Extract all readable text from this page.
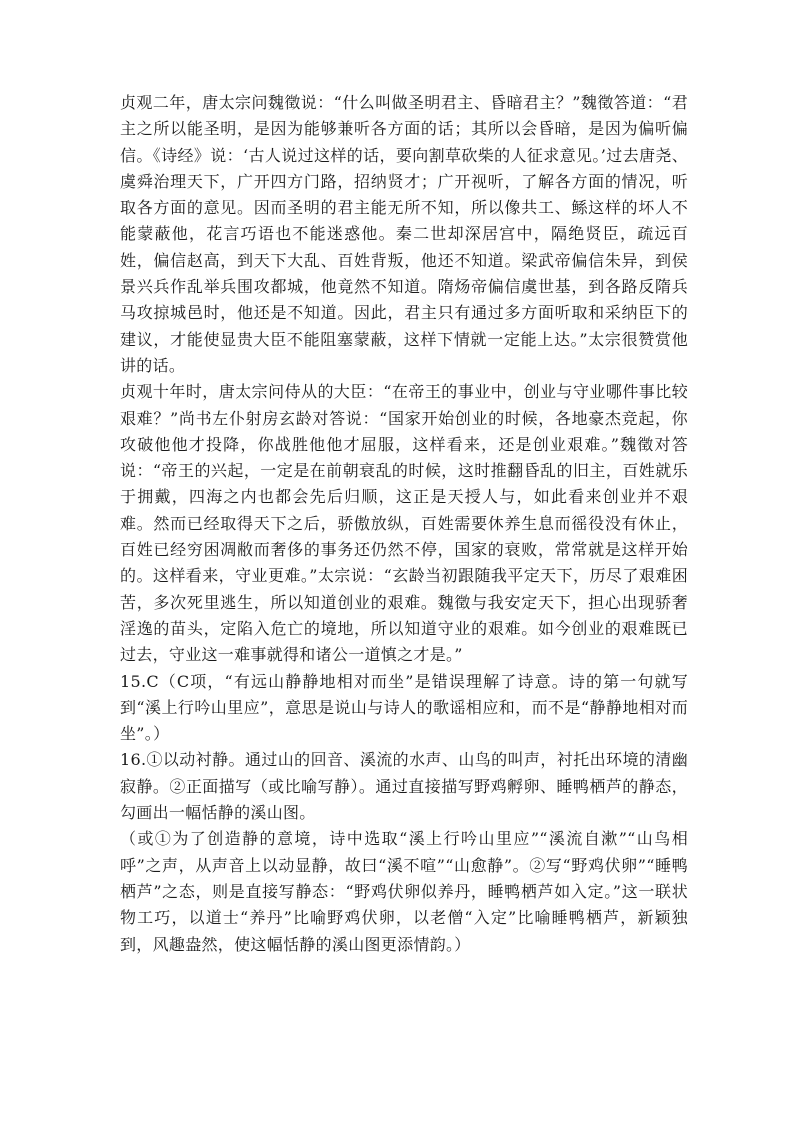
贞观二年，唐太宗问魏徵说：“什么叫做圣明君主、昏暗君主？”魏徵答道：“君主之所以能圣明，是因为能够兼听各方面的话；其所以会昏暗，是因为偏听偏信。《诗经》说：‘古人说过这样的话，要向割草砍柴的人征求意见。’过去唐尧、虞舜治理天下，广开四方门路，招纳贤才；广开视听，了解各方面的情况，听取各方面的意见。因而圣明的君主能无所不知，所以像共工、鲧这样的坏人不能蒙蔽他，花言巧语也不能迷惑他。秦二世却深居宫中，隔绝贤臣，疏远百姓，偏信赵高，到天下大乱、百姓背叛，他还不知道。梁武帝偏信朱异，到侯景兴兵作乱举兵围攻都城，他竟然不知道。隋炀帝偏信虞世基，到各路反隋兵马攻掠城邑时，他还是不知道。因此，君主只有通过多方面听取和采纳臣下的建议，才能使显贵大臣不能阻塞蒙蔽，这样下情就一定能上达。”太宗很赞赏他讲的话。

贞观十年时，唐太宗问侍从的大臣：“在帝王的事业中，创业与守业哪件事比较艰难？”尚书左仆射房玄龄对答说：“国家开始创业的时候，各地豪杰竞起，你攻破他他才投降，你战胜他他才屈服，这样看来，还是创业艰难。”魏徵对答说：“帝王的兴起，一定是在前朝衰乱的时候，这时推翻昏乱的旧主，百姓就乐于拥戴，四海之内也都会先后归顺，这正是天授人与，如此看来创业并不艰难。然而已经取得天下之后，骄傲放纵，百姓需要休养生息而徭役没有休止，百姓已经穷困凋敝而奢侈的事务还仍然不停，国家的衰败，常常就是这样开始的。这样看来，守业更难。”太宗说：“玄龄当初跟随我平定天下，历尽了艰难困苦，多次死里逃生，所以知道创业的艰难。魏徵与我安定天下，担心出现骄奢淫逸的苗头，定陷入危亡的境地，所以知道守业的艰难。如今创业的艰难既已过去，守业这一难事就得和诸公一道慎之才是。”

15.C（C项，“有远山静静地相对而坐”是错误理解了诗意。诗的第一句就写到“溪上行吟山里应”，意思是说山与诗人的歌谣相应和，而不是“静静地相对而坐”。）

16.①以动衬静。通过山的回音、溪流的水声、山鸟的叫声，衬托出环境的清幽寂静。②正面描写（或比喻写静）。通过直接描写野鸡孵卵、睡鸭栖芦的静态，勾画出一幅恬静的溪山图。

（或①为了创造静的意境，诗中选取“溪上行吟山里应”“溪流自漱”“山鸟相呼”之声，从声音上以动显静，故曰“溪不喧”“山愈静”。②写“野鸡伏卵”“睡鸭栖芦”之态，则是直接写静态：“野鸡伏卵似养丹，睡鸭栖芦如入定。”这一联状物工巧，以道士“养丹”比喻野鸡伏卵，以老僧“入定”比喻睡鸭栖芦，新颖独到，风趣盎然，使这幅恬静的溪山图更添情韵。）
